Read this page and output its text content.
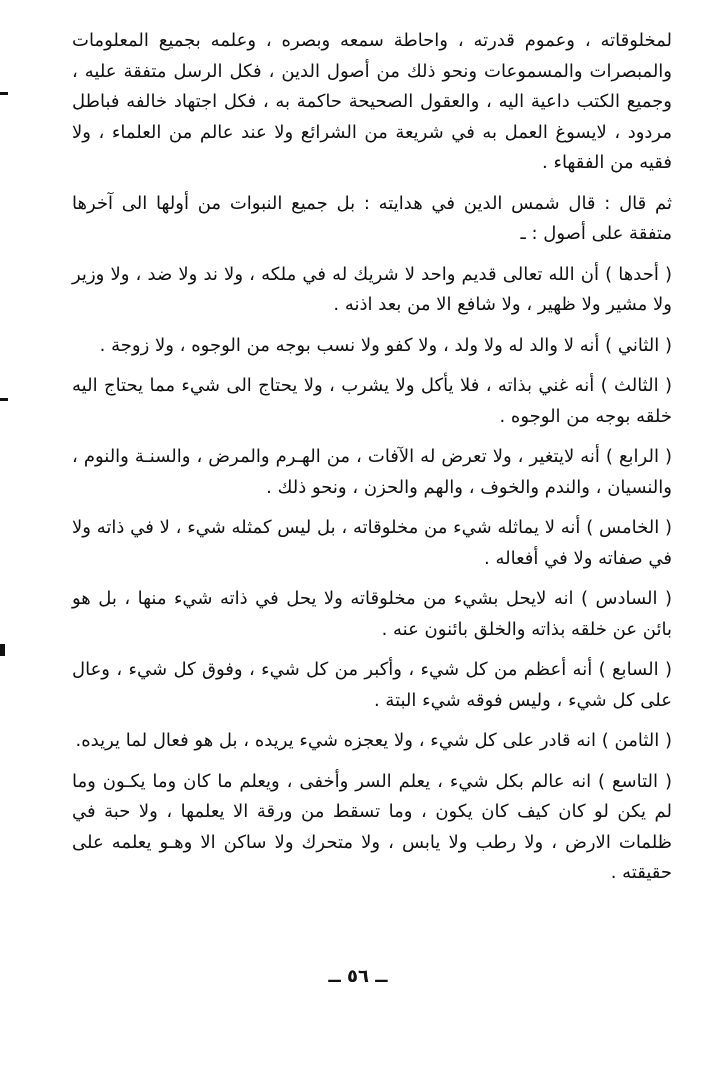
لمخلوقاته ، وعموم قدرته ، واحاطة سمعه وبصره ، وعلمه بجميع المعلومات والمبصرات والمسموعات ونحو ذلك من أصول الدين ، فكل الرسل متفقة عليه ، وجميع الكتب داعية اليه ، والعقول الصحيحة حاكمة به ، فكل اجتهاد خالفه فباطل مردود ، لايسوغ العمل به في شريعة من الشرائع ولا عند عالم من العلماء ، ولا فقيه من الفقهاء .

ثم قال : قال شمس الدين في هدايته : بل جميع النبوات من أولها الى آخرها متفقة على أصول : ـ

( أحدها ) أن الله تعالى قديم واحد لا شريك له في ملكه ، ولا ند ولا ضد ، ولا وزير ولا مشير ولا ظهير ، ولا شافع الا من بعد اذنه .

( الثاني ) أنه لا والد له ولا ولد ، ولا كفو ولا نسب بوجه من الوجوه ، ولا زوجة .

( الثالث ) أنه غني بذاته ، فلا يأكل ولا يشرب ، ولا يحتاج الى شيء مما يحتاج اليه خلقه بوجه من الوجوه .

( الرابع ) أنه لايتغير ، ولا تعرض له الآفات ، من الهـرم والمرض ، والسنـة والنوم ، والنسيان ، والندم والخوف ، والهم والحزن ، ونحو ذلك .

( الخامس ) أنه لا يماثله شيء من مخلوقاته ، بل ليس كمثله شيء ، لا في ذاته ولا في صفاته ولا في أفعاله .

( السادس ) انه لايحل بشيء من مخلوقاته ولا يحل في ذاته شيء منها ، بل هو بائن عن خلقه بذاته والخلق بائنون عنه .

( السابع ) أنه أعظم من كل شيء ، وأكبر من كل شيء ، وفوق كل شيء ، وعال على كل شيء ، وليس فوقه شيء البتة .

( الثامن ) انه قادر على كل شيء ، ولا يعجزه شيء يريده ، بل هو فعال لما يريده.

( التاسع ) انه عالم بكل شيء ، يعلم السر وأخفى ، ويعلم ما كان وما يكـون وما لم يكن لو كان كيف كان يكون ، وما تسقط من ورقة الا يعلمها ، ولا حبة في ظلمات الارض ، ولا رطب ولا يابس ، ولا متحرك ولا ساكن الا وهـو يعلمه على حقيقته .

ــ ٥٦ ــ
